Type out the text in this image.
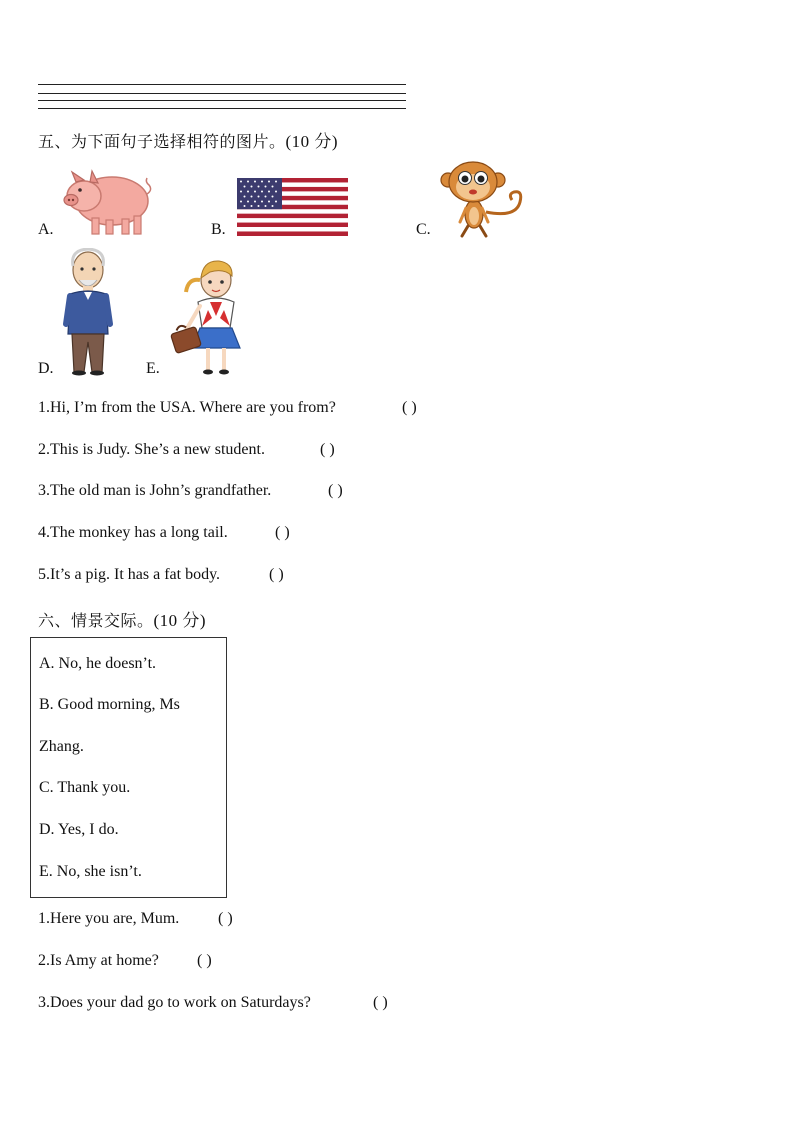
五、为下面句子选择相符的图片。(10 分)
A.	B.	C.
D.	E.
1.Hi, I’m from the USA. Where are you from?	( )
2.This is Judy. She’s a new student.	( )
3.The old man is John’s grandfather.	( )
4.The monkey has a long tail.	( )
5.It’s a pig. It has a fat body.	( )
六、情景交际。(10 分)
A. No, he doesn’t.
B. Good morning, Ms
Zhang.
C. Thank you.
D. Yes, I do.
E. No, she isn’t.
1.Here you are, Mum. ( )
2.Is Amy at home? ( )
3.Does your dad go to work on Saturdays?	( )
